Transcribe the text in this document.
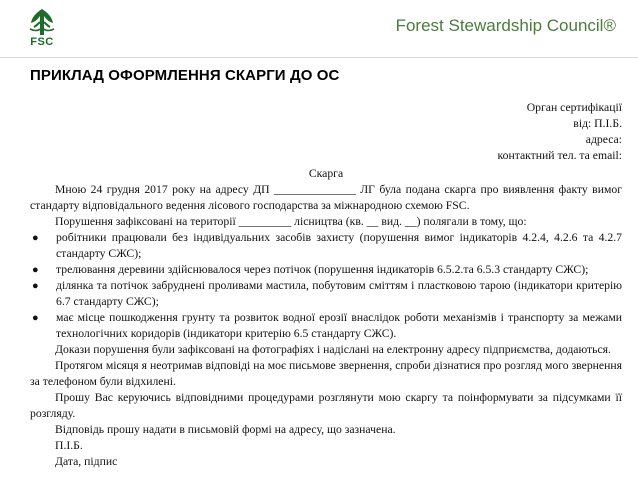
FSC
Forest Stewardship Council®
ПРИКЛАД ОФОРМЛЕННЯ СКАРГИ ДО ОС
Орган сертифікації
від: П.І.Б.
адреса:
контактний тел. та email:
Скарга
Мною 24 грудня 2017 року на адресу ДП ______________ ЛГ була подана скарга про виявлення факту вимог стандарту відповідального ведення лісового господарства за міжнародною схемою FSC.
Порушення зафіксовані на території _________ лісництва (кв. __ вид. __) полягали в тому, що:
● робітники працювали без індивідуальних засобів захисту (порушення вимог індикаторів 4.2.4, 4.2.6 та 4.2.7 стандарту СЖС);
● трелювання деревини здійснювалося через потічок (порушення індикаторів 6.5.2.та 6.5.3 стандарту СЖС);
● ділянка та потічок забруднені проливами мастила, побутовим сміттям і пластковою тарою (індикатори критерію 6.7 стандарту СЖС);
● має місце пошкодження грунту та розвиток водної ерозії внаслідок роботи механізмів і транспорту за межами технологічних коридорів (індикатори критерію 6.5 стандарту СЖС).
Докази порушення були зафіксовані на фотографіях і надіслані на електронну адресу підприємства, додаються.
Протягом місяця я неотримав відповіді на моє письмове звернення, спроби дізнатися про розгляд мого звернення за телефоном були відхилені.
Прошу Вас керуючись відповідними процедурами розглянути мою скаргу та поінформувати за підсумками її розгляду.
Відповідь прошу надати в письмовій формі на адресу, що зазначена.
П.І.Б.
Дата, підпис
